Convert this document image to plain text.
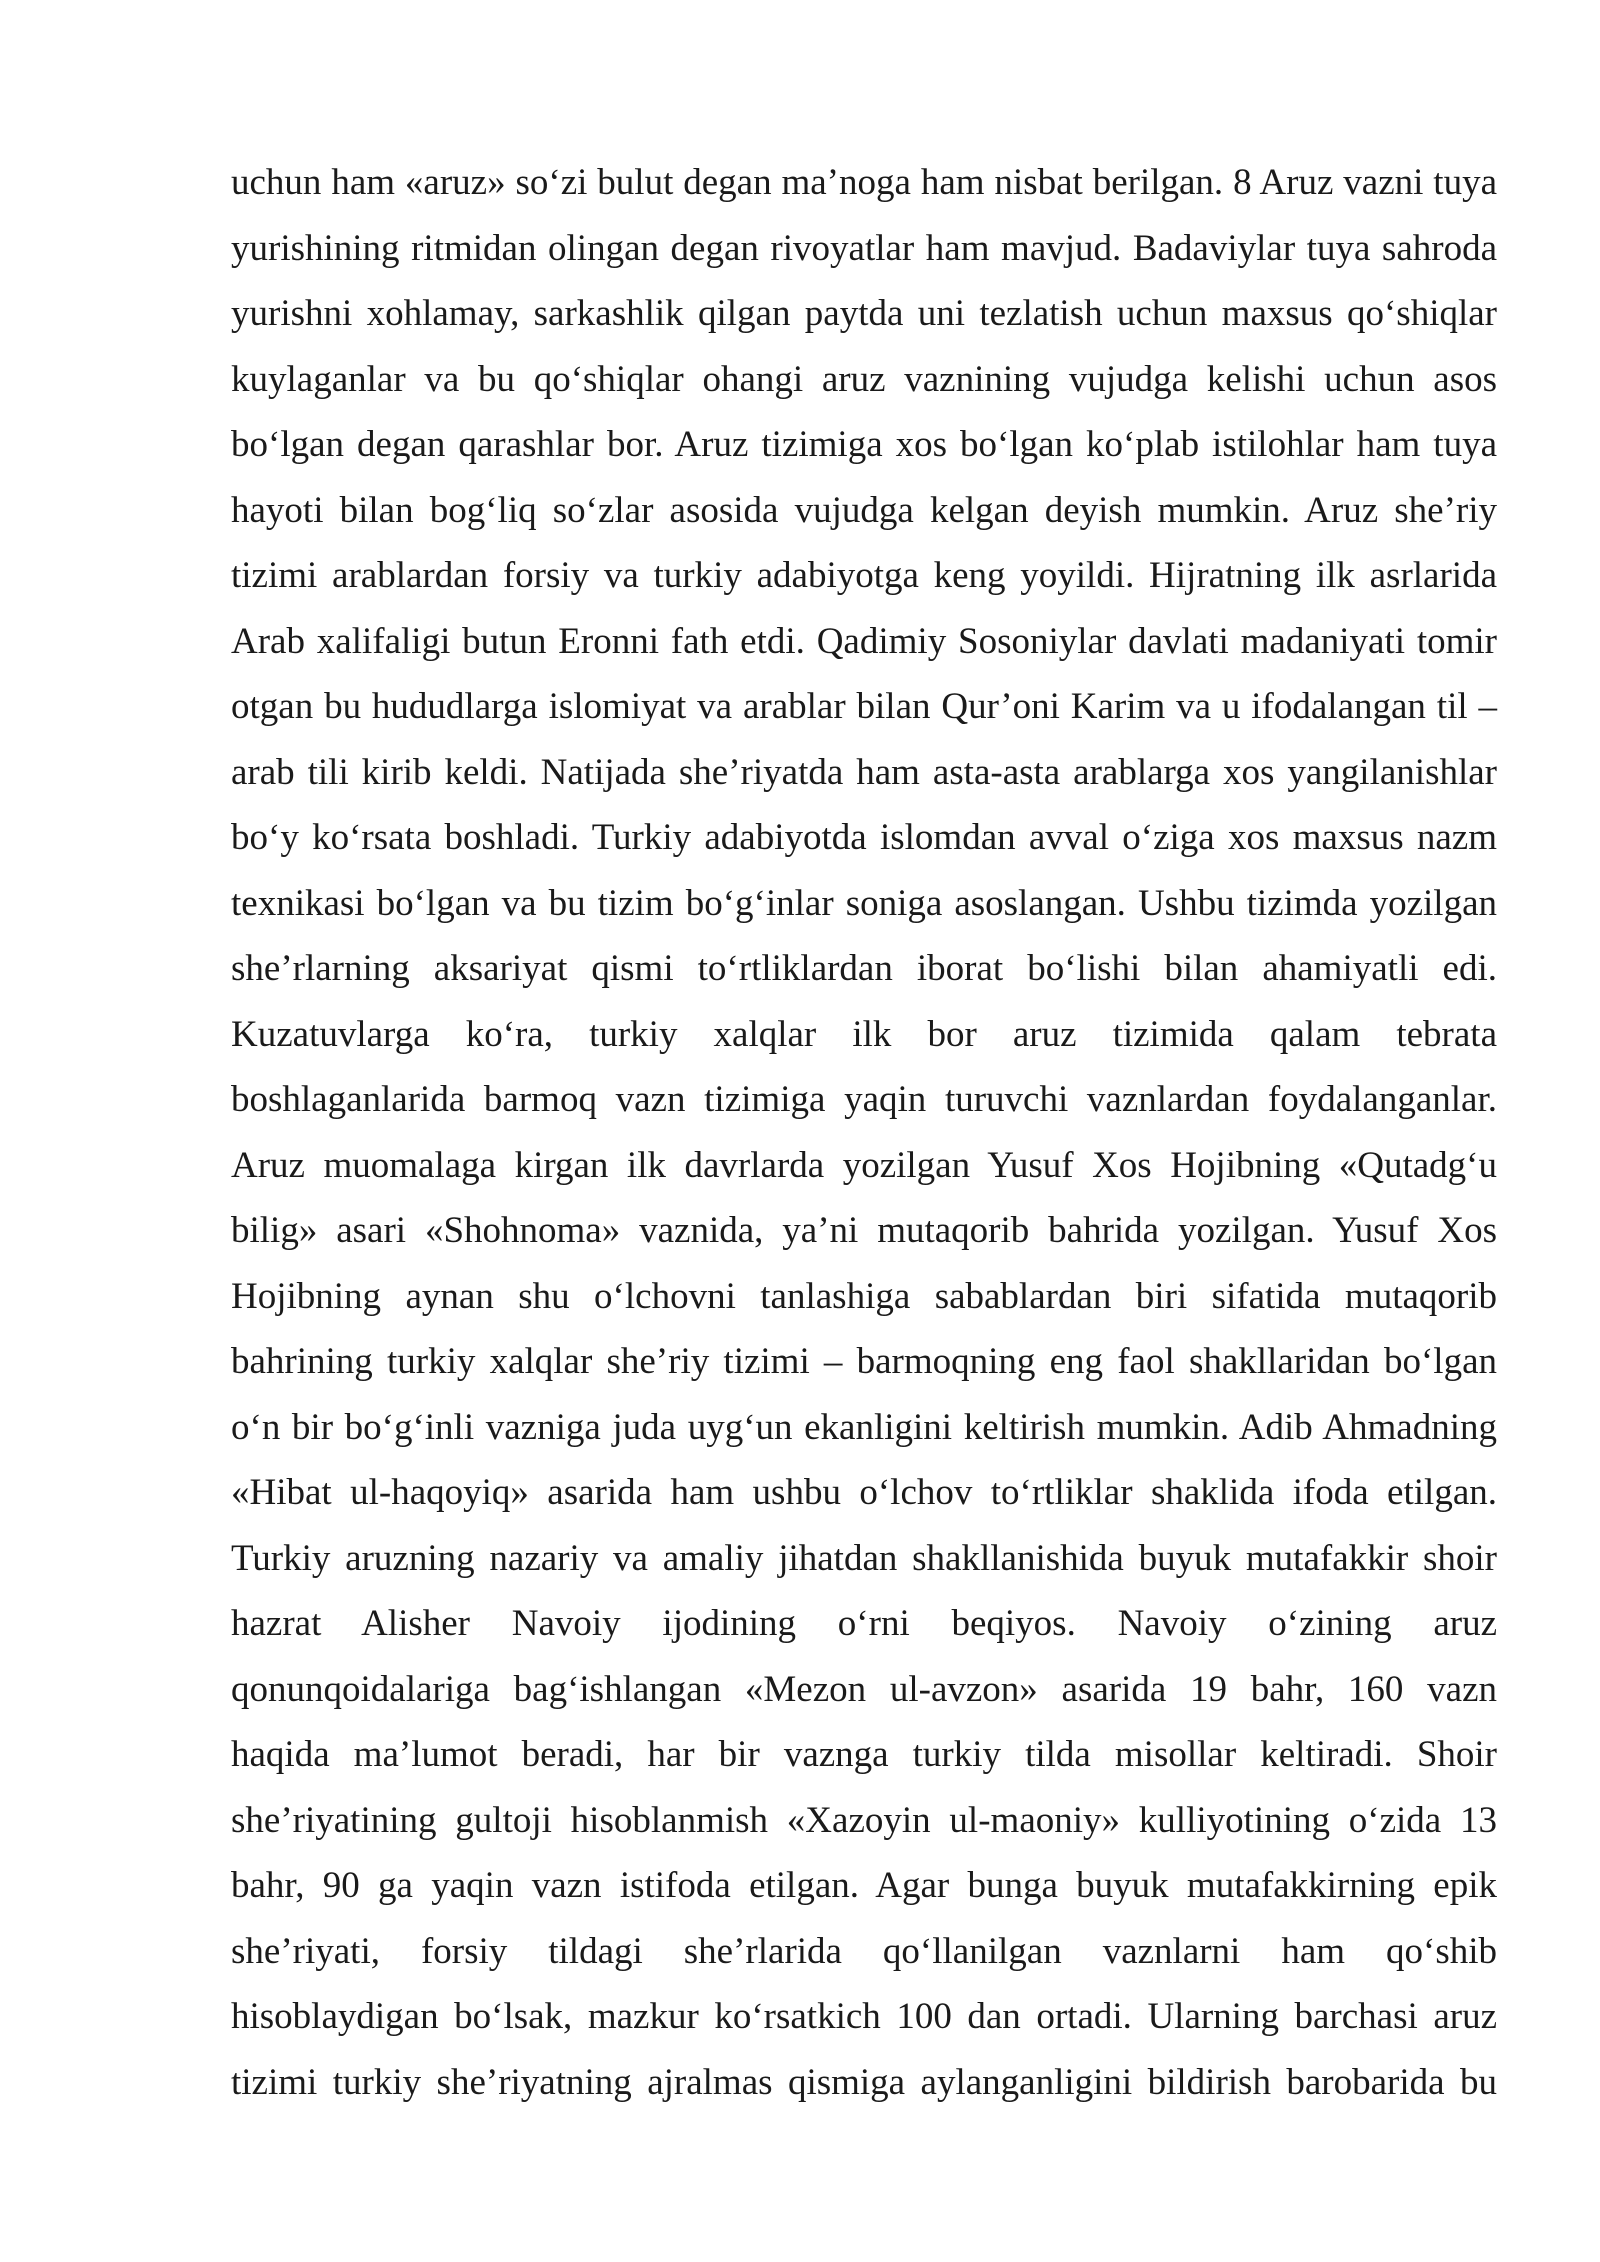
uchun ham «aruz» so‘zi bulut degan ma’noga ham nisbat berilgan. 8 Aruz vazni tuya
yurishining ritmidan olingan degan rivoyatlar ham mavjud. Badaviylar tuya sahroda
yurishni xohlamay, sarkashlik qilgan paytda uni tezlatish uchun maxsus qo‘shiqlar
kuylaganlar va bu qo‘shiqlar ohangi aruz vaznining vujudga kelishi uchun asos
bo‘lgan degan qarashlar bor. Aruz tizimiga xos bo‘lgan ko‘plab istilohlar ham tuya
hayoti bilan bog‘liq so‘zlar asosida vujudga kelgan deyish mumkin. Aruz she’riy
tizimi arablardan forsiy va turkiy adabiyotga keng yoyildi. Hijratning ilk asrlarida
Arab xalifaligi butun Eronni fath etdi. Qadimiy Sosoniylar davlati madaniyati tomir
otgan bu hududlarga islomiyat va arablar bilan Qur’oni Karim va u ifodalangan til –
arab tili kirib keldi. Natijada she’riyatda ham asta-asta arablarga xos yangilanishlar
bo‘y ko‘rsata boshladi. Turkiy adabiyotda islomdan avval o‘ziga xos maxsus nazm
texnikasi bo‘lgan va bu tizim bo‘g‘inlar soniga asoslangan. Ushbu tizimda yozilgan
she’rlarning aksariyat qismi to‘rtliklardan iborat bo‘lishi bilan ahamiyatli edi.
Kuzatuvlarga ko‘ra, turkiy xalqlar ilk bor aruz tizimida qalam tebrata
boshlaganlarida barmoq vazn tizimiga yaqin turuvchi vaznlardan foydalanganlar.
Aruz muomalaga kirgan ilk davrlarda yozilgan Yusuf Xos Hojibning «Qutadg‘u
bilig» asari «Shohnoma» vaznida, ya’ni mutaqorib bahrida yozilgan. Yusuf Xos
Hojibning aynan shu o‘lchovni tanlashiga sabablardan biri sifatida mutaqorib
bahrining turkiy xalqlar she’riy tizimi – barmoqning eng faol shakllaridan bo‘lgan
o‘n bir bo‘g‘inli vazniga juda uyg‘un ekanligini keltirish mumkin. Adib Ahmadning
«Hibat ul-haqoyiq» asarida ham ushbu o‘lchov to‘rtliklar shaklida ifoda etilgan.
Turkiy aruzning nazariy va amaliy jihatdan shakllanishida buyuk mutafakkir shoir
hazrat Alisher Navoiy ijodining o‘rni beqiyos. Navoiy o‘zining aruz
qonunqoidalariga bag‘ishlangan «Mezon ul-avzon» asarida 19 bahr, 160 vazn
haqida ma’lumot beradi, har bir vaznga turkiy tilda misollar keltiradi. Shoir
she’riyatining gultoji hisoblanmish «Xazoyin ul-maoniy» kulliyotining o‘zida 13
bahr, 90 ga yaqin vazn istifoda etilgan. Agar bunga buyuk mutafakkirning epik
she’riyati, forsiy tildagi she’rlarida qo‘llanilgan vaznlarni ham qo‘shib
hisoblaydigan bo‘lsak, mazkur ko‘rsatkich 100 dan ortadi. Ularning barchasi aruz
tizimi turkiy she’riyatning ajralmas qismiga aylanganligini bildirish barobarida bu
